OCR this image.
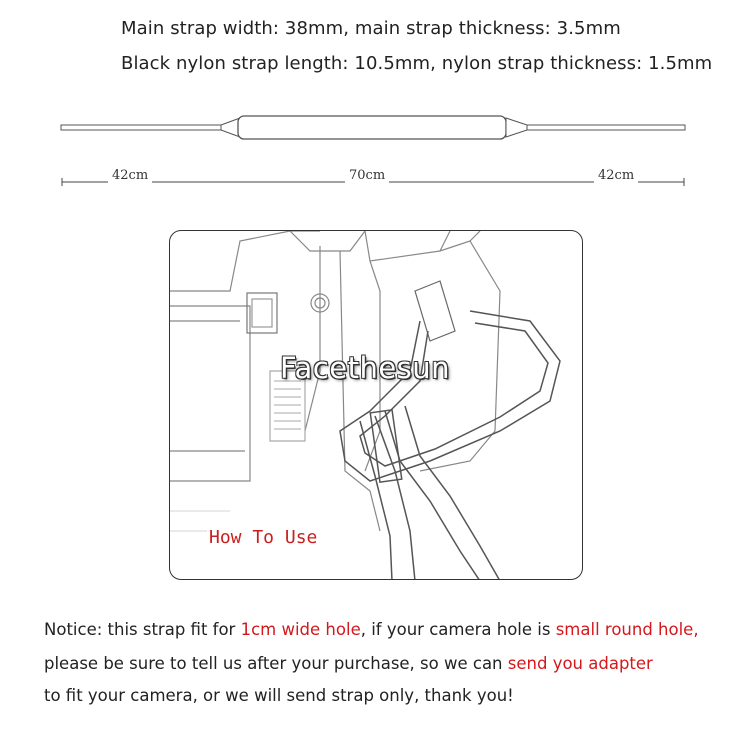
Main strap width: 38mm, main strap thickness: 3.5mm
Black nylon strap length: 10.5mm, nylon strap thickness: 1.5mm
42cm	70cm	42cm
Facethesun
How To Use
Notice: this strap fit for 1cm wide hole, if your camera hole is small round hole,
please be sure to tell us after your purchase, so we can send you adapter
to fit your camera, or we will send strap only, thank you!
